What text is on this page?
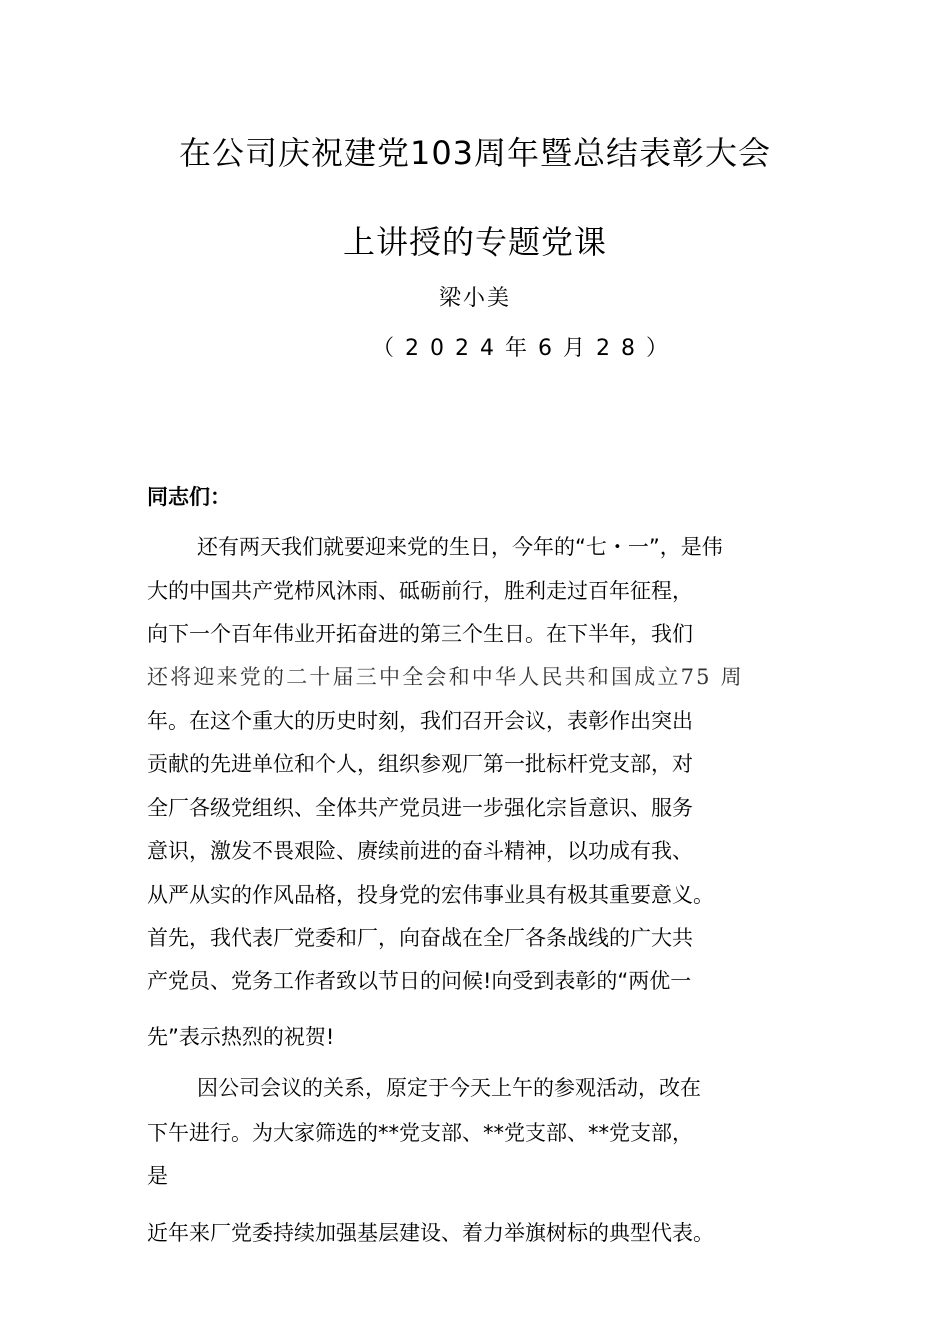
在公司庆祝建党103周年暨总结表彰大会
上讲授的专题党课
梁小美
（2024年6月28）
同志们：
还有两天我们就要迎来党的生日，今年的“七・一”，是伟
大的中国共产党栉风沐雨、砥砺前行，胜利走过百年征程，
向下一个百年伟业开拓奋进的第三个生日。在下半年，我们
还将迎来党的二十届三中全会和中华人民共和国成立75 周
年。在这个重大的历史时刻，我们召开会议，表彰作出突出
贡献的先进单位和个人，组织参观厂第一批标杆党支部，对
全厂各级党组织、全体共产党员进一步强化宗旨意识、服务
意识，激发不畏艰险、赓续前进的奋斗精神，以功成有我、
从严从实的作风品格，投身党的宏伟事业具有极其重要意义。
首先，我代表厂党委和厂，向奋战在全厂各条战线的广大共
产党员、党务工作者致以节日的问候!向受到表彰的“两优一
先”表示热烈的祝贺!
因公司会议的关系，原定于今天上午的参观活动，改在
下午进行。为大家筛选的**党支部、**党支部、**党支部，
是
近年来厂党委持续加强基层建设、着力举旗树标的典型代表。
